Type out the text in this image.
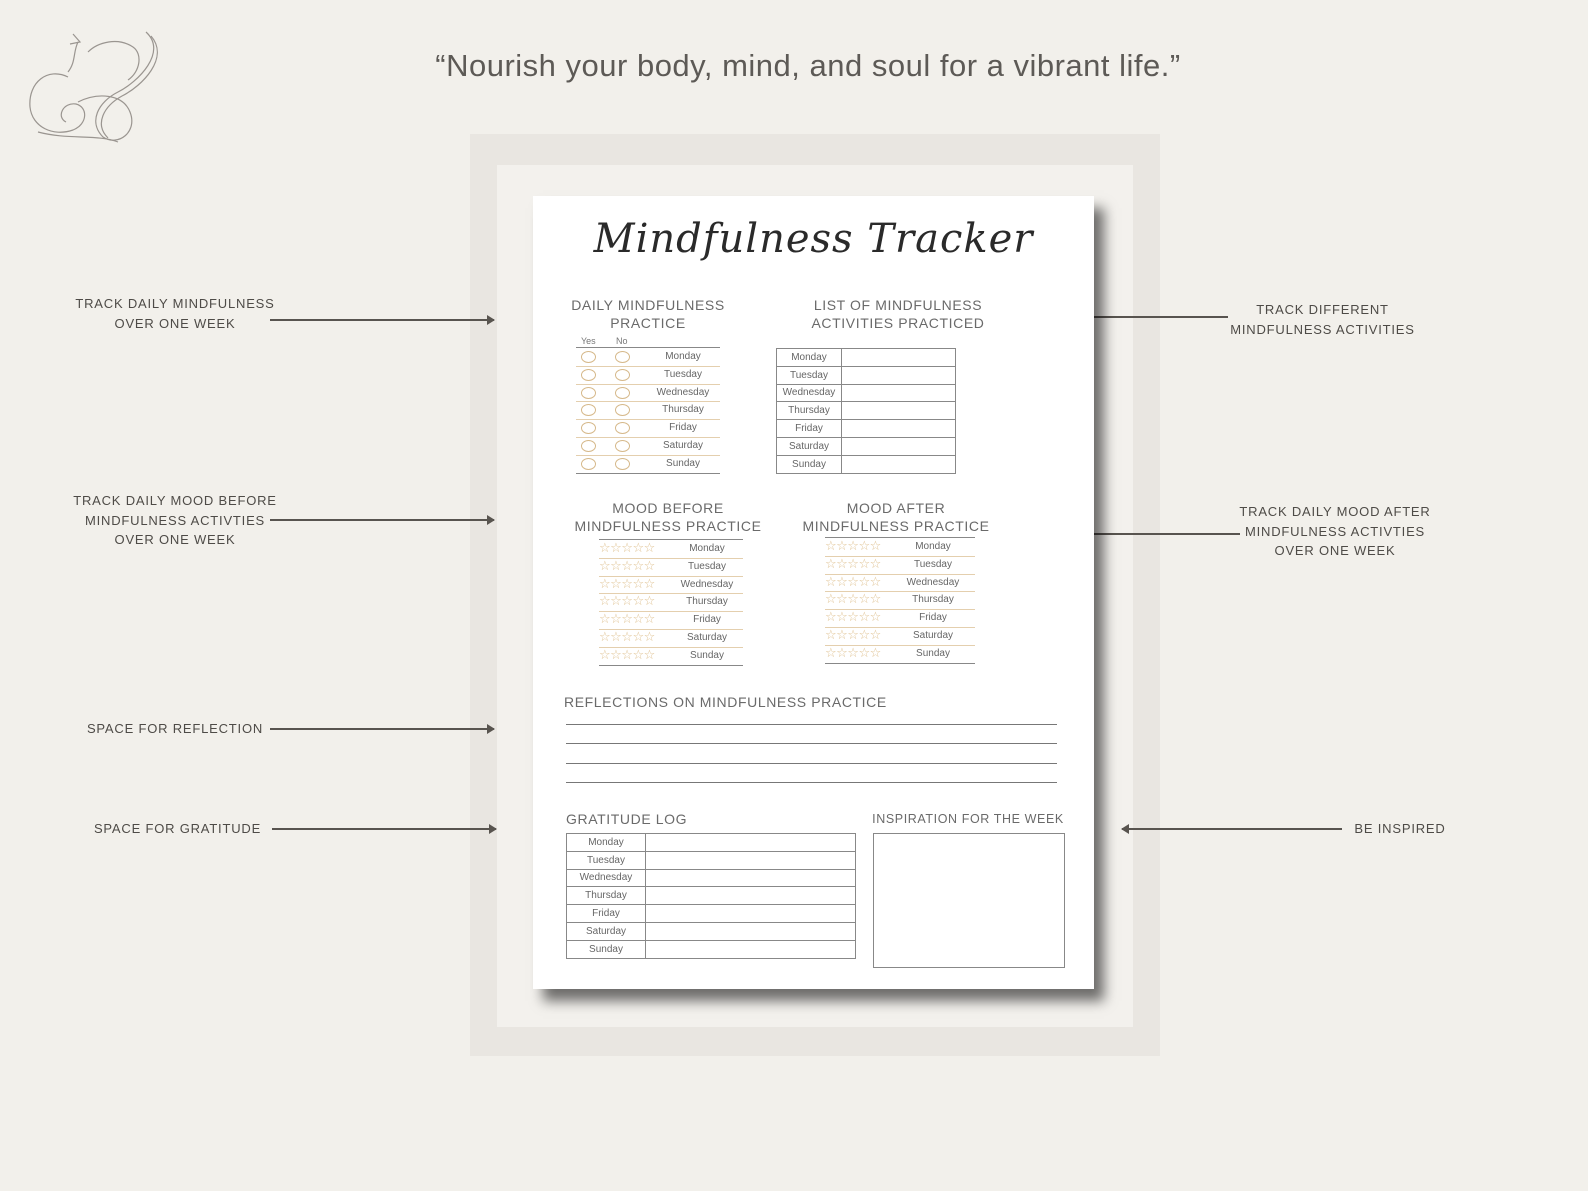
“Nourish your body, mind, and soul for a vibrant life.”
TRACK DAILY MINDFULNESS
OVER ONE WEEK
TRACK DAILY MOOD BEFORE
MINDFULNESS ACTIVTIES
OVER ONE WEEK
SPACE FOR REFLECTION
SPACE FOR GRATITUDE
TRACK DIFFERENT
MINDFULNESS ACTIVITIES
TRACK DAILY MOOD AFTER
MINDFULNESS ACTIVTIES
OVER ONE WEEK
BE INSPIRED
Mindfulness Tracker
DAILY MINDFULNESS
PRACTICE
Yes No
Monday
Tuesday
Wednesday
Thursday
Friday
Saturday
Sunday
LIST OF MINDFULNESS
ACTIVITIES PRACTICED
Monday	
Tuesday	
Wednesday	
Thursday	
Friday	
Saturday	
Sunday	
MOOD BEFORE
MINDFULNESS PRACTICE
☆☆☆☆☆	Monday
☆☆☆☆☆	Tuesday
☆☆☆☆☆	Wednesday
☆☆☆☆☆	Thursday
☆☆☆☆☆	Friday
☆☆☆☆☆	Saturday
☆☆☆☆☆	Sunday
MOOD AFTER
MINDFULNESS PRACTICE
☆☆☆☆☆	Monday
☆☆☆☆☆	Tuesday
☆☆☆☆☆	Wednesday
☆☆☆☆☆	Thursday
☆☆☆☆☆	Friday
☆☆☆☆☆	Saturday
☆☆☆☆☆	Sunday
REFLECTIONS ON MINDFULNESS PRACTICE
GRATITUDE LOG
Monday	
Tuesday	
Wednesday	
Thursday	
Friday	
Saturday	
Sunday	
INSPIRATION FOR THE WEEK
